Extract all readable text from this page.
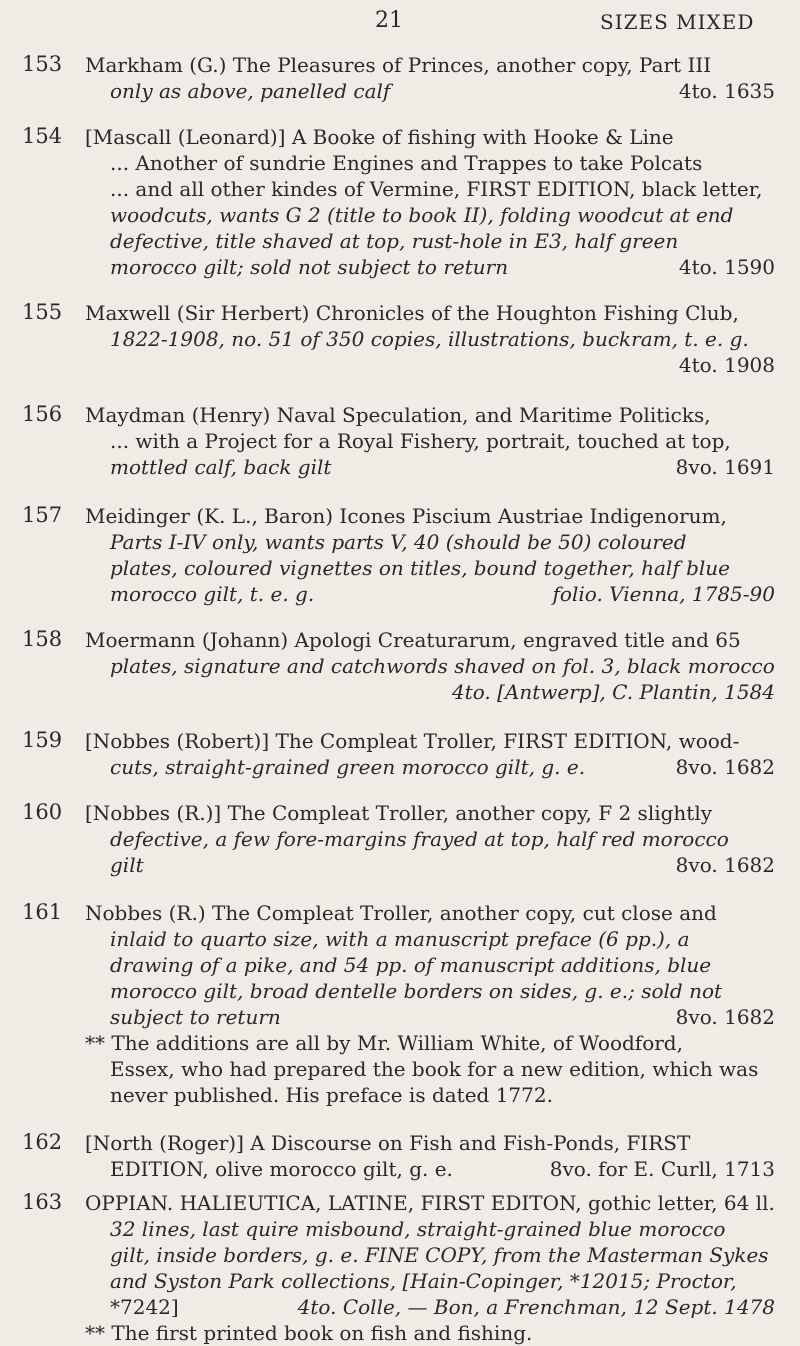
21	SIZES MIXED
153 Markham (G.) The Pleasures of Princes, another copy, Part III
only as above, panelled calf	4to. 1635
154 [Mascall (Leonard)] A Booke of fishing with Hooke & Line
... Another of sundrie Engines and Trappes to take Polcats
... and all other kindes of Vermine, FIRST EDITION, black letter,
woodcuts, wants G 2 (title to book II), folding woodcut at end
defective, title shaved at top, rust-hole in E3, half green
morocco gilt; sold not subject to return	4to. 1590
155 Maxwell (Sir Herbert) Chronicles of the Houghton Fishing Club,
1822-1908, no. 51 of 350 copies, illustrations, buckram, t. e. g.
4to. 1908
156 Maydman (Henry) Naval Speculation, and Maritime Politicks,
... with a Project for a Royal Fishery, portrait, touched at top,
mottled calf, back gilt	8vo. 1691
157 Meidinger (K. L., Baron) Icones Piscium Austriae Indigenorum,
Parts I-IV only, wants parts V, 40 (should be 50) coloured
plates, coloured vignettes on titles, bound together, half blue
morocco gilt, t. e. g.	folio. Vienna, 1785-90
158 Moermann (Johann) Apologi Creaturarum, engraved title and 65
plates, signature and catchwords shaved on fol. 3, black morocco
4to. [Antwerp], C. Plantin, 1584
159 [Nobbes (Robert)] The Compleat Troller, FIRST EDITION, wood-
cuts, straight-grained green morocco gilt, g. e.	8vo. 1682
160 [Nobbes (R.)] The Compleat Troller, another copy, F 2 slightly
defective, a few fore-margins frayed at top, half red morocco
gilt	8vo. 1682
161 Nobbes (R.) The Compleat Troller, another copy, cut close and
inlaid to quarto size, with a manuscript preface (6 pp.), a
drawing of a pike, and 54 pp. of manuscript additions, blue
morocco gilt, broad dentelle borders on sides, g. e.; sold not
subject to return	8vo. 1682
** The additions are all by Mr. William White, of Woodford,
Essex, who had prepared the book for a new edition, which was
never published. His preface is dated 1772.
162 [North (Roger)] A Discourse on Fish and Fish-Ponds, FIRST
EDITION, olive morocco gilt, g. e.	8vo. for E. Curll, 1713
163 OPPIAN. HALIEUTICA, LATINE, FIRST EDITON, gothic letter, 64 ll.
32 lines, last quire misbound, straight-grained blue morocco
gilt, inside borders, g. e. FINE COPY, from the Masterman Sykes
and Syston Park collections, [Hain-Copinger, *12015; Proctor,
*7242]	4to. Colle, — Bon, a Frenchman, 12 Sept. 1478
** The first printed book on fish and fishing.
